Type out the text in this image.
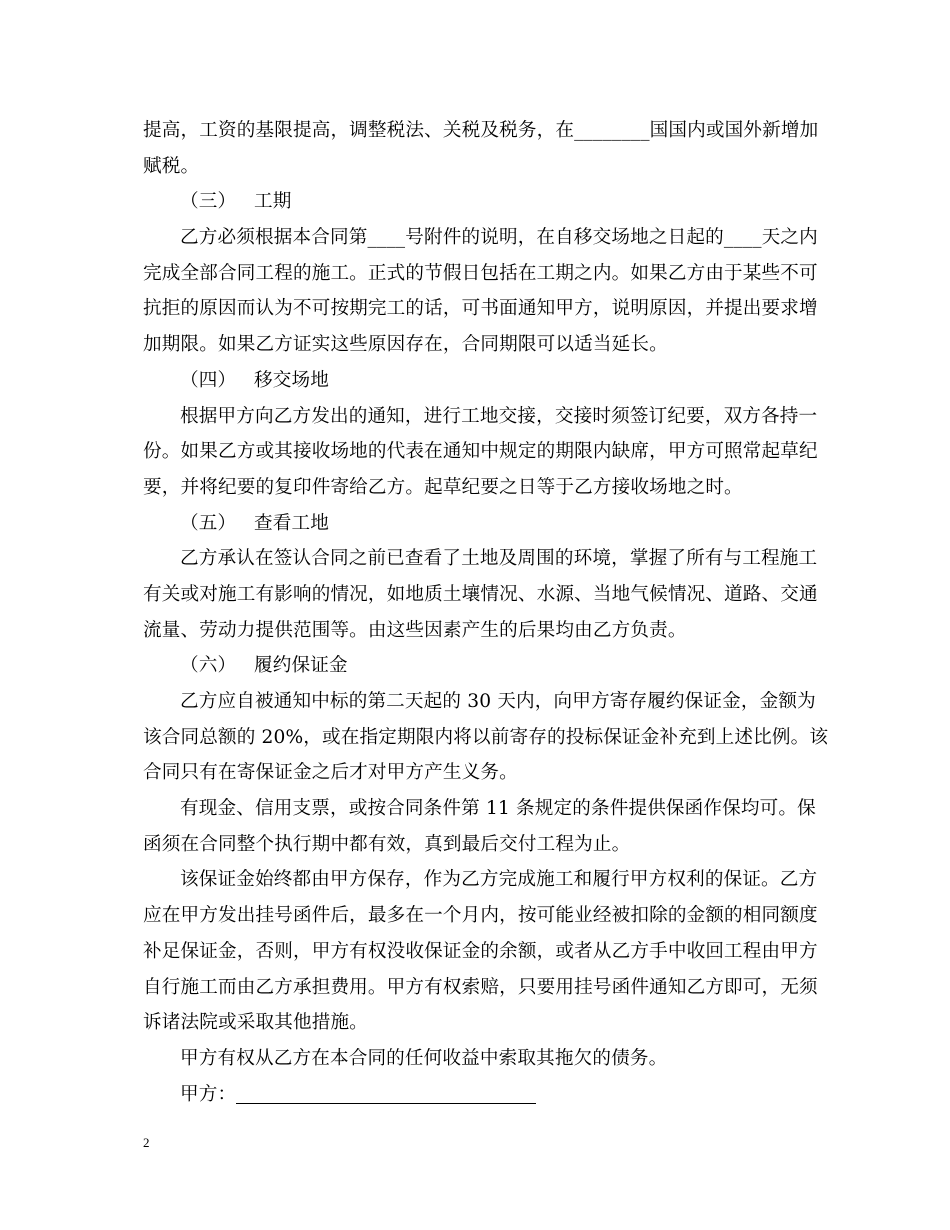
提高，工资的基限提高，调整税法、关税及税务，在________国国内或国外新增加
赋税。
（三） 工期
乙方必须根据本合同第____号附件的说明，在自移交场地之日起的____天之内
完成全部合同工程的施工。正式的节假日包括在工期之内。如果乙方由于某些不可
抗拒的原因而认为不可按期完工的话，可书面通知甲方，说明原因，并提出要求增
加期限。如果乙方证实这些原因存在，合同期限可以适当延长。
（四） 移交场地
根据甲方向乙方发出的通知，进行工地交接，交接时须签订纪要，双方各持一
份。如果乙方或其接收场地的代表在通知中规定的期限内缺席，甲方可照常起草纪
要，并将纪要的复印件寄给乙方。起草纪要之日等于乙方接收场地之时。
（五） 查看工地
乙方承认在签认合同之前已查看了土地及周围的环境，掌握了所有与工程施工
有关或对施工有影响的情况，如地质土壤情况、水源、当地气候情况、道路、交通
流量、劳动力提供范围等。由这些因素产生的后果均由乙方负责。
（六） 履约保证金
乙方应自被通知中标的第二天起的 30 天内，向甲方寄存履约保证金，金额为
该合同总额的 20%，或在指定期限内将以前寄存的投标保证金补充到上述比例。该
合同只有在寄保证金之后才对甲方产生义务。
有现金、信用支票，或按合同条件第 11 条规定的条件提供保函作保均可。保
函须在合同整个执行期中都有效，真到最后交付工程为止。
该保证金始终都由甲方保存，作为乙方完成施工和履行甲方权利的保证。乙方
应在甲方发出挂号函件后，最多在一个月内，按可能业经被扣除的金额的相同额度
补足保证金，否则，甲方有权没收保证金的余额，或者从乙方手中收回工程由甲方
自行施工而由乙方承担费用。甲方有权索赔，只要用挂号函件通知乙方即可，无须
诉诸法院或采取其他措施。
甲方有权从乙方在本合同的任何收益中索取其拖欠的债务。
甲方：
2
